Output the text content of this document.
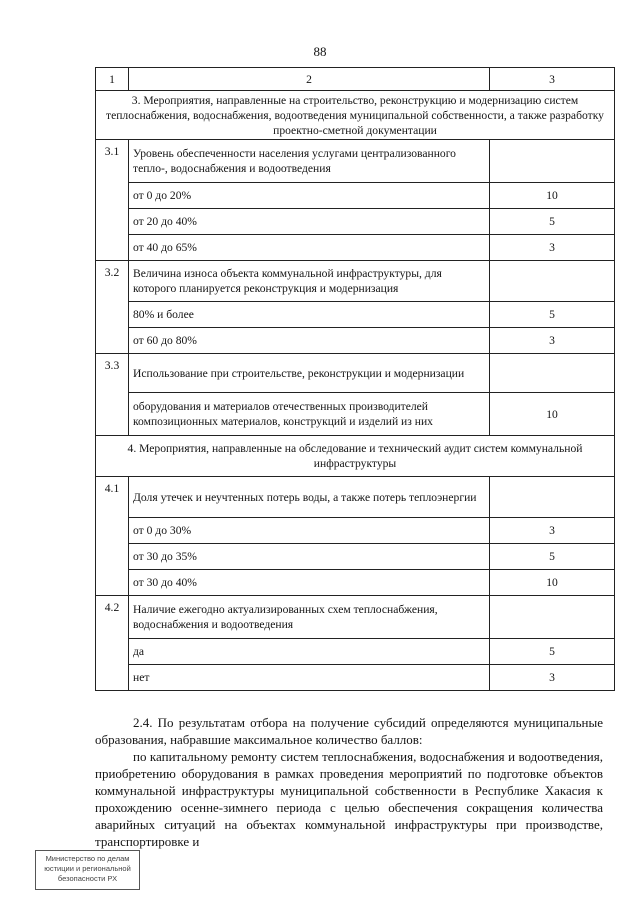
88
1	2	3
3. Мероприятия, направленные на строительство, реконструкцию и модернизацию систем теплоснабжения, водоснабжения, водоотведения муниципальной собственности, а также разработку проектно-сметной документации		
3.1	Уровень обеспеченности населения услугами централизованного тепло-, водоснабжения и водоотведения	
	от 0 до 20%	10
	от 20 до 40%	5
	от 40 до 65%	3
3.2	Величина износа объекта коммунальной инфраструктуры, для которого планируется реконструкция и модернизация	
	80% и более	5
	от 60 до 80%	3
3.3	Использование при строительстве, реконструкции и модернизации	
	оборудования и материалов отечественных производителей композиционных материалов, конструкций и изделий из них	10
4. Мероприятия, направленные на обследование и технический аудит систем коммунальной инфраструктуры		
4.1	Доля утечек и неучтенных потерь воды, а также потерь теплоэнергии	
	от 0 до 30%	3
	от 30 до 35%	5
	от 30 до 40%	10
4.2	Наличие ежегодно актуализированных схем теплоснабжения, водоснабжения и водоотведения	
	да	5
	нет	3
2.4. По результатам отбора на получение субсидий определяются муниципальные образования, набравшие максимальное количество баллов:
по капитальному ремонту систем теплоснабжения, водоснабжения и водоотведения, приобретению оборудования в рамках проведения мероприятий по подготовке объектов коммунальной инфраструктуры муниципальной собственности в Республике Хакасия к прохождению осенне-зимнего периода с целью обеспечения сокращения количества аварийных ситуаций на объектах коммунальной инфраструктуры при производстве, транспортировке и
Министерство по делам юстиции и региональной безопасности РХ
